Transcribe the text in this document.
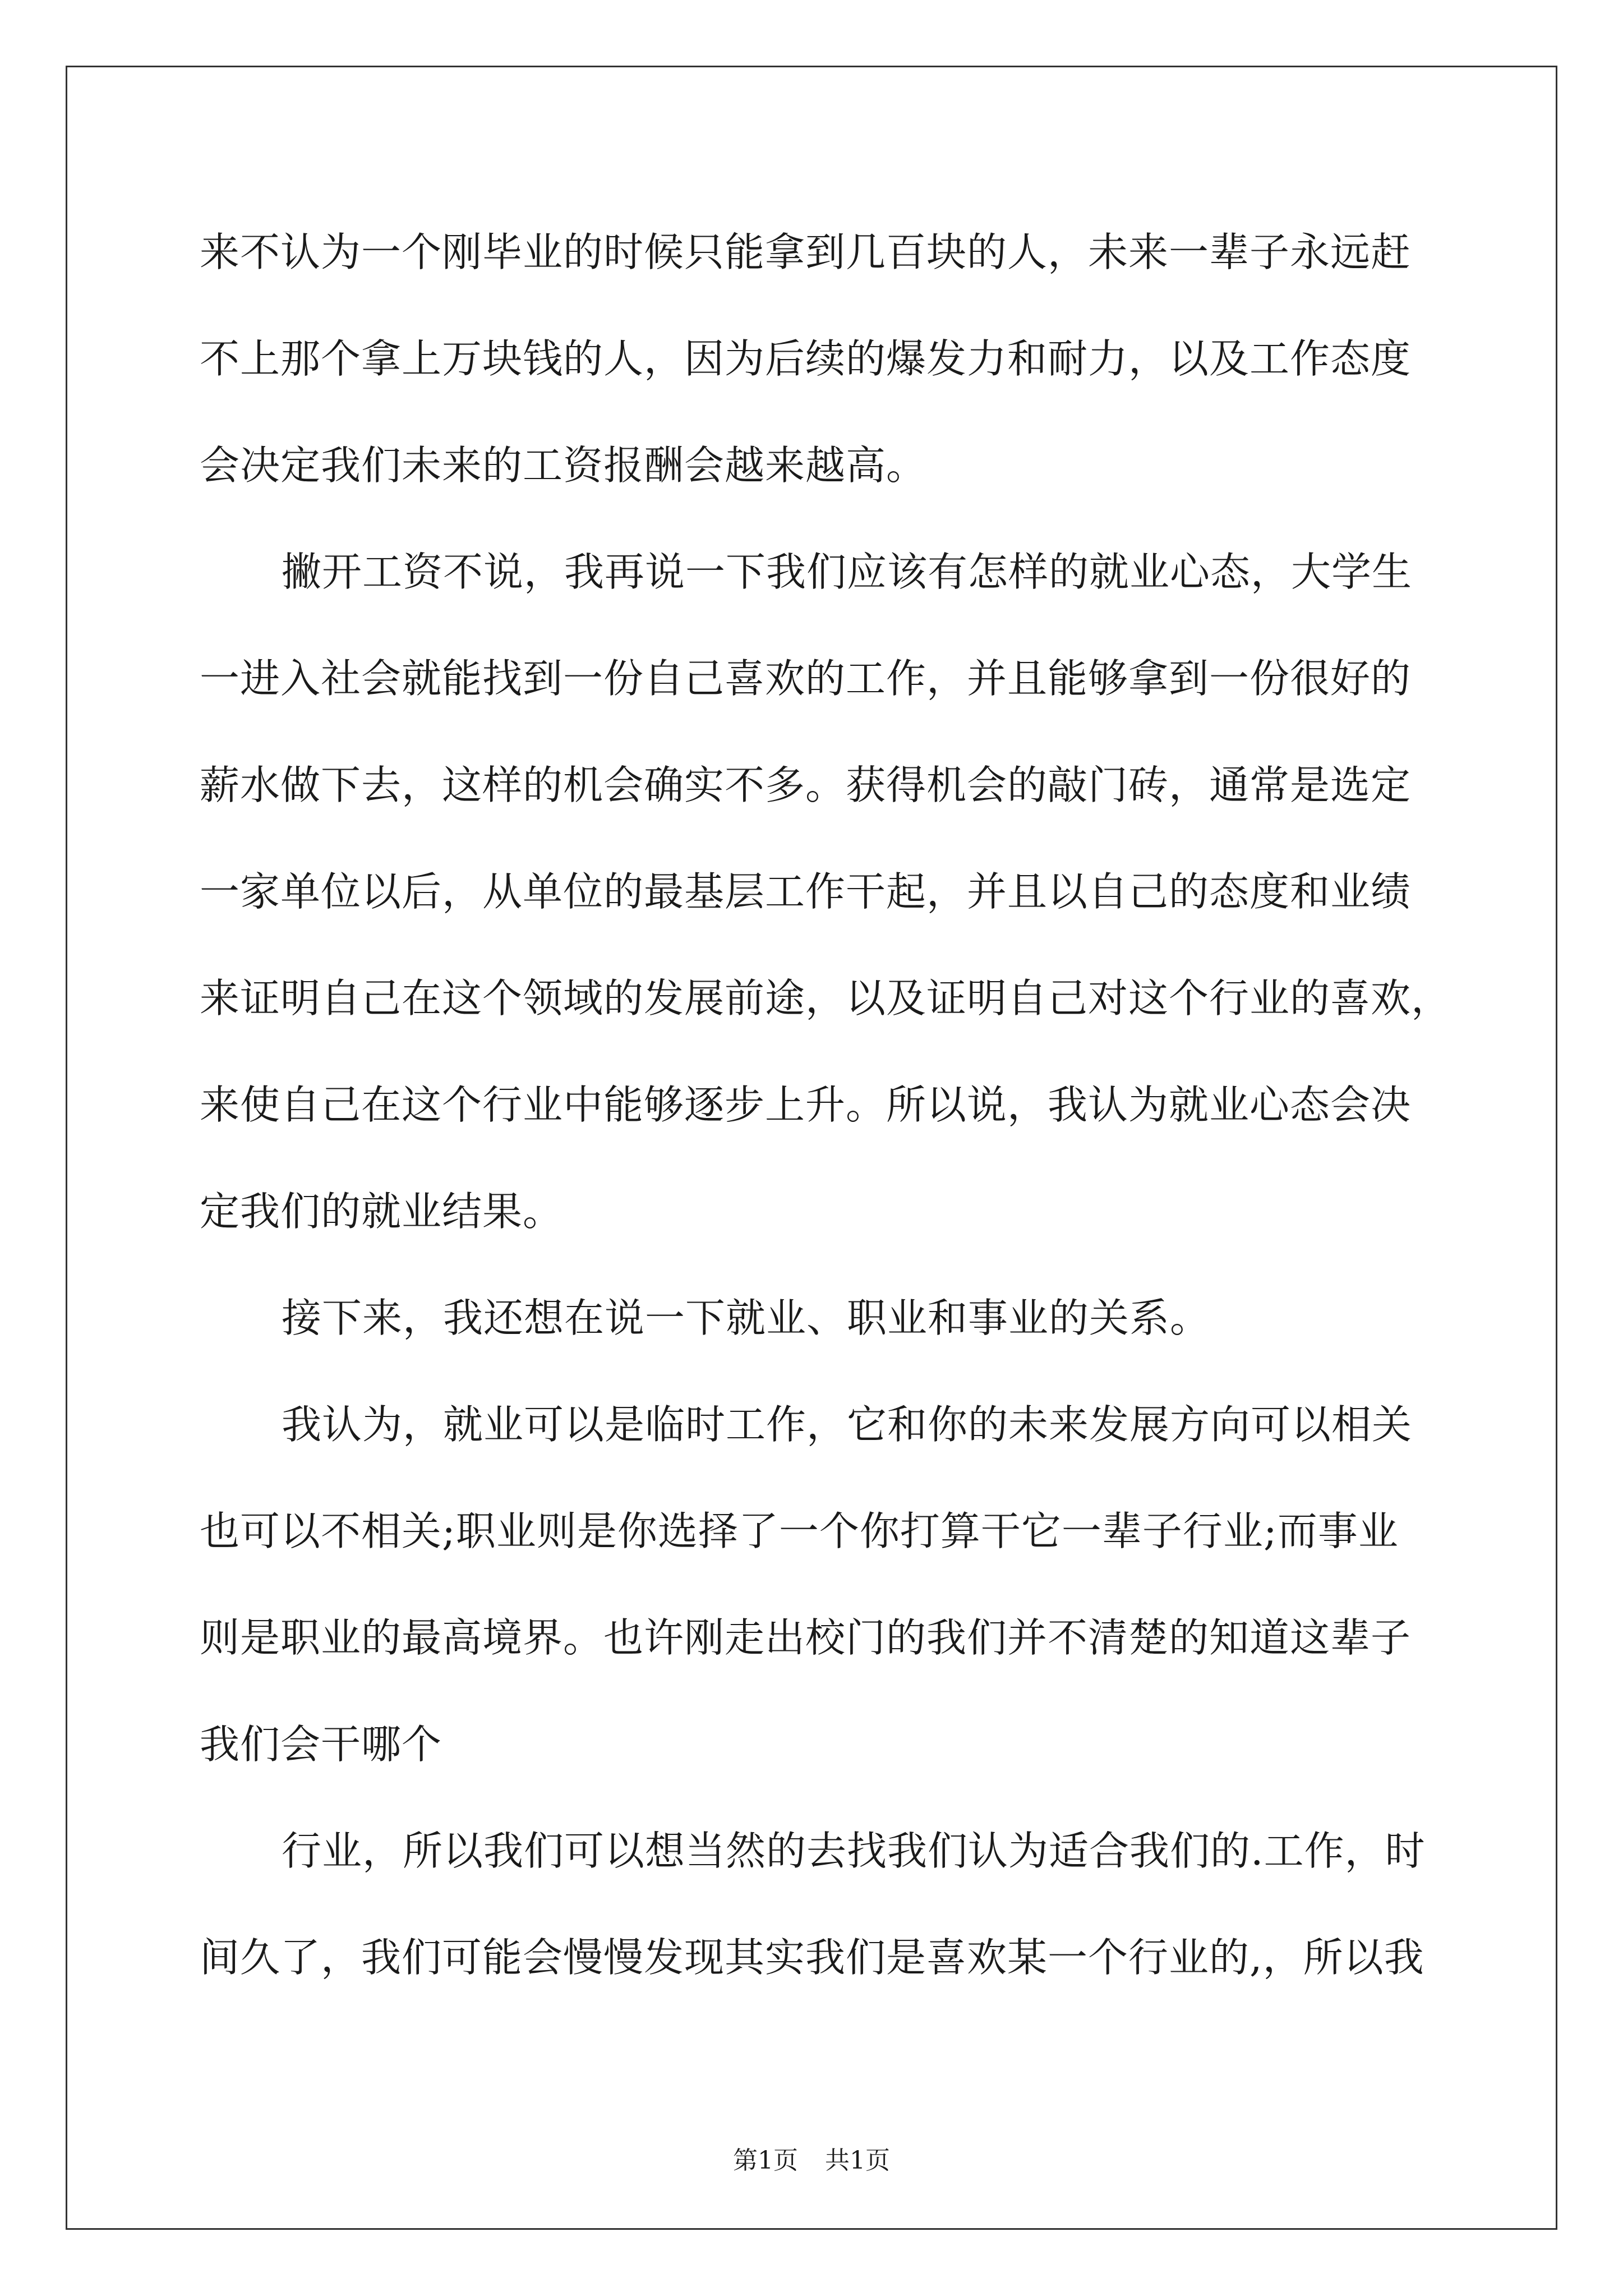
来不认为一个刚毕业的时候只能拿到几百块的人，未来一辈子永远赶
不上那个拿上万块钱的人，因为后续的爆发力和耐力，以及工作态度
会决定我们未来的工资报酬会越来越高。
撇开工资不说，我再说一下我们应该有怎样的就业心态，大学生
一进入社会就能找到一份自己喜欢的工作，并且能够拿到一份很好的
薪水做下去，这样的机会确实不多。获得机会的敲门砖，通常是选定
一家单位以后，从单位的最基层工作干起，并且以自己的态度和业绩
来证明自己在这个领域的发展前途，以及证明自己对这个行业的喜欢，
来使自己在这个行业中能够逐步上升。所以说，我认为就业心态会决
定我们的就业结果。
接下来，我还想在说一下就业、职业和事业的关系。
我认为，就业可以是临时工作，它和你的未来发展方向可以相关
也可以不相关;职业则是你选择了一个你打算干它一辈子行业;而事业
则是职业的最高境界。也许刚走出校门的我们并不清楚的知道这辈子
我们会干哪个
行业，所以我们可以想当然的去找我们认为适合我们的.工作，时
间久了，我们可能会慢慢发现其实我们是喜欢某一个行业的,，所以我
第1页 共1页
